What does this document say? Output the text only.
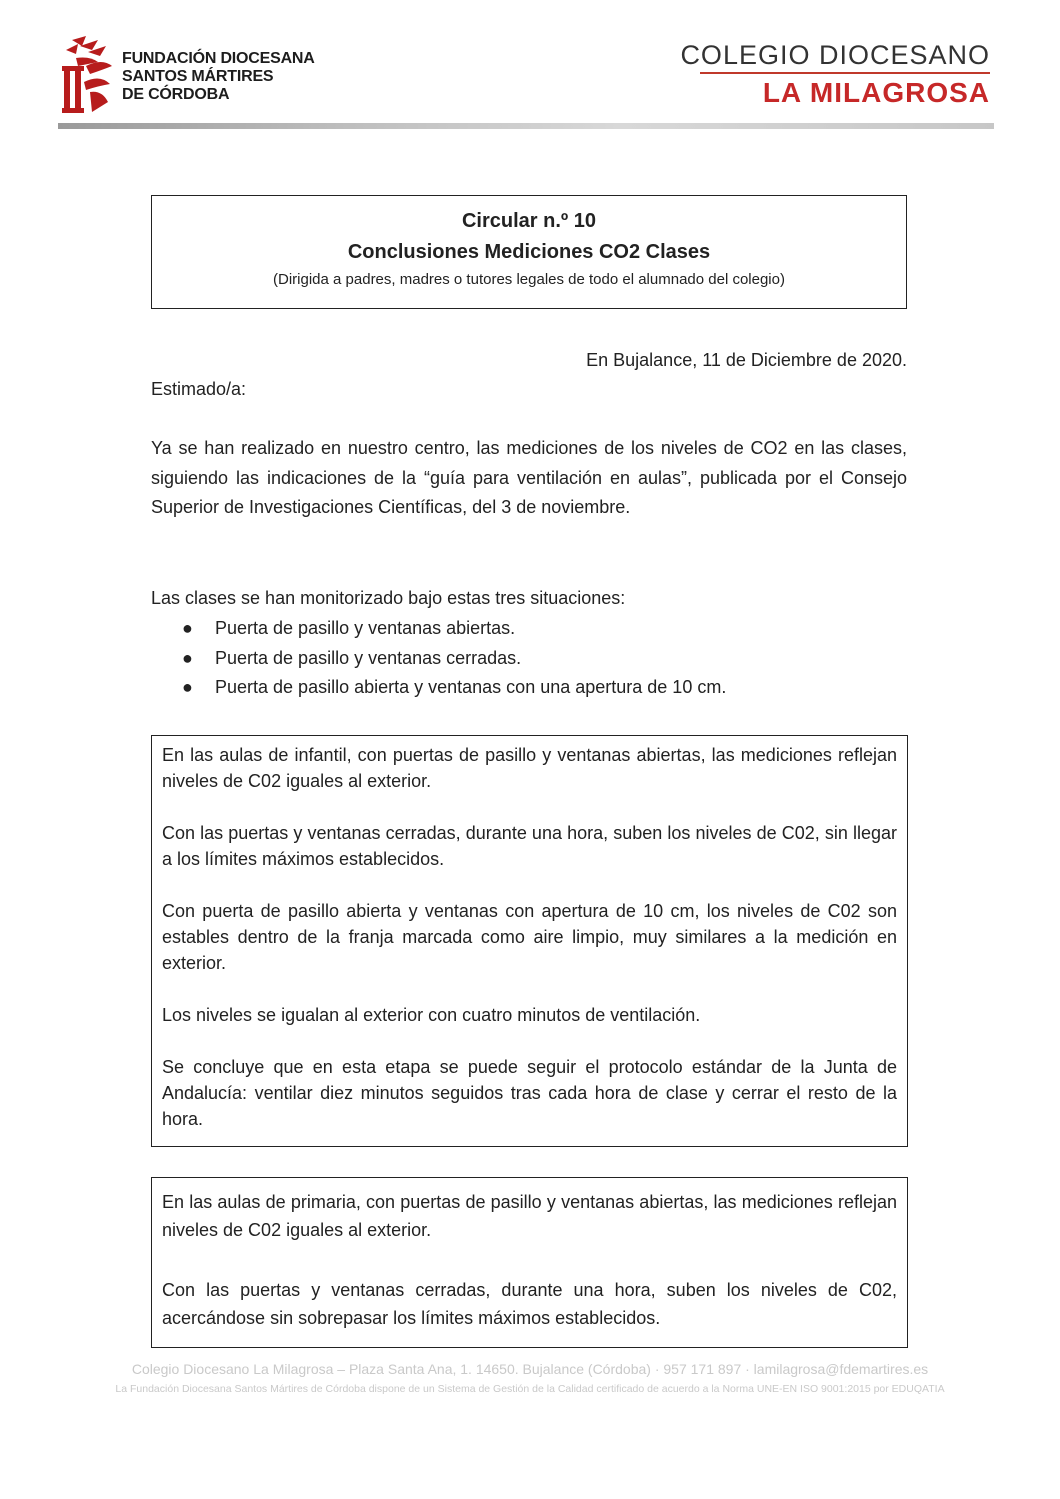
FUNDACIÓN DIOCESANA
SANTOS MÁRTIRES
DE CÓRDOBA
COLEGIO DIOCESANO
LA MILAGROSA
Circular n.º 10
Conclusiones Mediciones CO2 Clases
(Dirigida a padres, madres o tutores legales de todo el alumnado del colegio)
En Bujalance, 11 de Diciembre de 2020.
Estimado/a:
Ya se han realizado en nuestro centro, las mediciones de los niveles de CO2 en las clases, siguiendo las indicaciones de la “guía para ventilación en aulas”, publicada por el Consejo Superior de Investigaciones Científicas, del 3 de noviembre.
Las clases se han monitorizado bajo estas tres situaciones:
● Puerta de pasillo y ventanas abiertas.
● Puerta de pasillo y ventanas cerradas.
● Puerta de pasillo abierta y ventanas con una apertura de 10 cm.

En las aulas de infantil, con puertas de pasillo y ventanas abiertas, las mediciones reflejan niveles de C02 iguales al exterior.

Con las puertas y ventanas cerradas, durante una hora, suben los niveles de C02, sin llegar a los límites máximos establecidos.

Con puerta de pasillo abierta y ventanas con apertura de 10 cm, los niveles de C02 son estables dentro de la franja marcada como aire limpio, muy similares a la medición en exterior.

Los niveles se igualan al exterior con cuatro minutos de ventilación.

Se concluye que en esta etapa se puede seguir el protocolo estándar de la Junta de Andalucía: ventilar diez minutos seguidos tras cada hora de clase y cerrar el resto de la hora.

En las aulas de primaria, con puertas de pasillo y ventanas abiertas, las mediciones reflejan niveles de C02 iguales al exterior.

Con las puertas y ventanas cerradas, durante una hora, suben los niveles de C02, acercándose sin sobrepasar los límites máximos establecidos.

Colegio Diocesano La Milagrosa – Plaza Santa Ana, 1. 14650. Bujalance (Córdoba) · 957 171 897 · lamilagrosa@fdemartires.es
La Fundación Diocesana Santos Mártires de Córdoba dispone de un Sistema de Gestión de la Calidad certificado de acuerdo a la Norma UNE-EN ISO 9001:2015 por EDUQATIA
